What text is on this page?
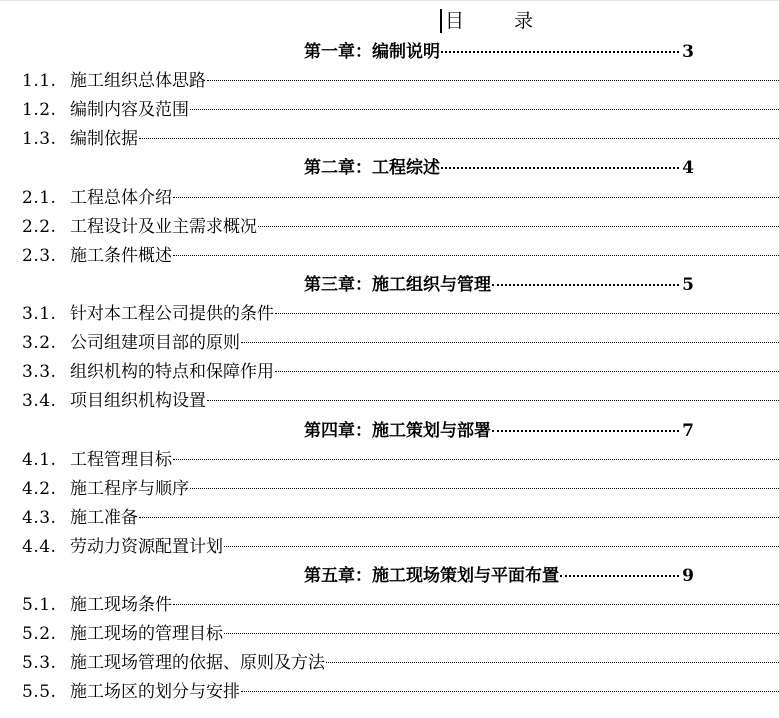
目	录
第一章：编制说明	3
1.1. 施工组织总体思路
1.2. 编制内容及范围
1.3. 编制依据
第二章：工程综述	4
2.1. 工程总体介绍
2.2. 工程设计及业主需求概况
2.3. 施工条件概述
第三章：施工组织与管理	5
3.1. 针对本工程公司提供的条件
3.2. 公司组建项目部的原则
3.3. 组织机构的特点和保障作用
3.4. 项目组织机构设置
第四章：施工策划与部署	7
4.1. 工程管理目标
4.2. 施工程序与顺序
4.3. 施工准备
4.4. 劳动力资源配置计划
第五章：施工现场策划与平面布置	9
5.1. 施工现场条件
5.2. 施工现场的管理目标
5.3. 施工现场管理的依据、原则及方法
5.5. 施工场区的划分与安排
